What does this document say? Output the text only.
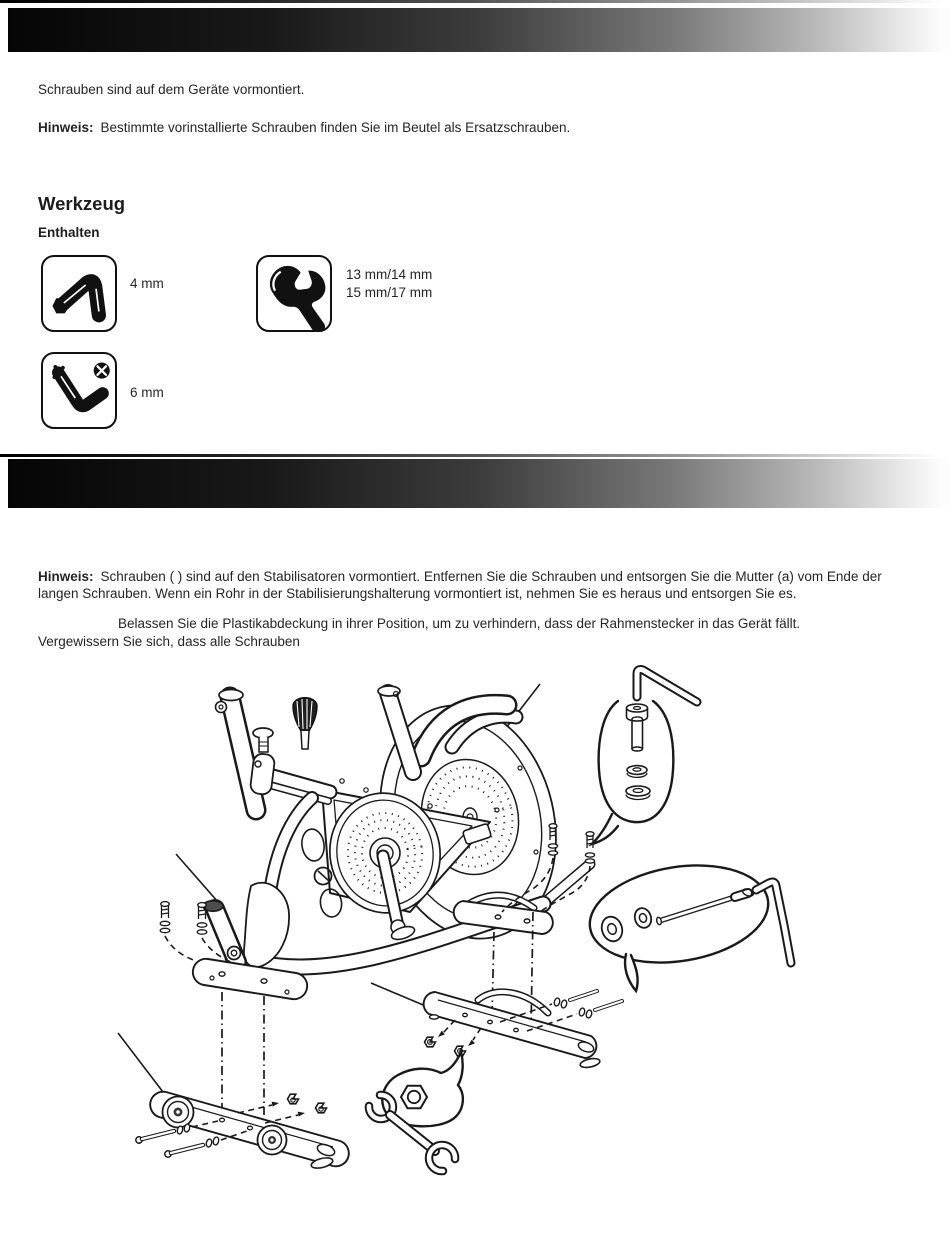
Schrauben sind auf dem Geräte vormontiert.
Hinweis: Bestimmte vorinstallierte Schrauben finden Sie im Beutel als Ersatzschrauben.
Werkzeug
Enthalten
4 mm
13 mm/14 mm
15 mm/17 mm
6 mm
Hinweis: Schrauben ( ) sind auf den Stabilisatoren vormontiert. Entfernen Sie die Schrauben und entsorgen Sie die Mutter (a) vom Ende der langen Schrauben. Wenn ein Rohr in der Stabilisierungshalterung vormontiert ist, nehmen Sie es heraus und entsorgen Sie es.
Belassen Sie die Plastikabdeckung in ihrer Position, um zu verhindern, dass der Rahmenstecker in das Gerät fällt.
Vergewissern Sie sich, dass alle Schrauben
